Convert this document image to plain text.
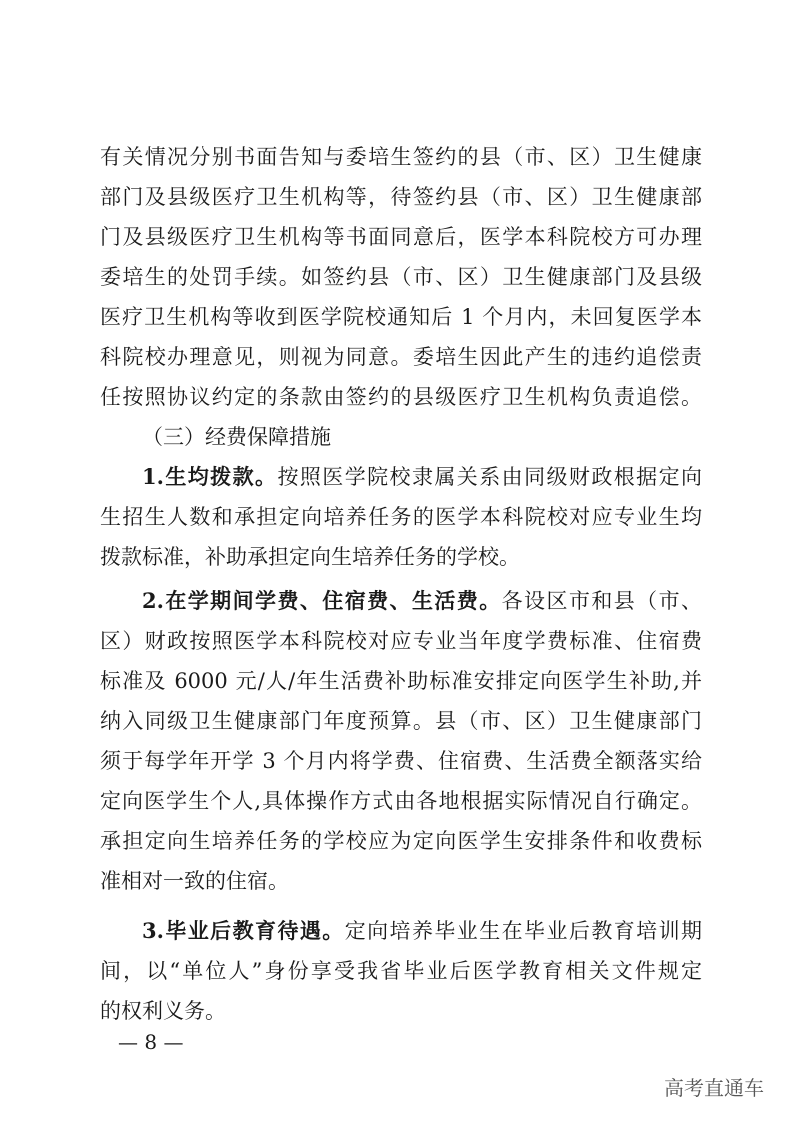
有关情况分别书面告知与委培生签约的县（市、区）卫生健康
部门及县级医疗卫生机构等，待签约县（市、区）卫生健康部
门及县级医疗卫生机构等书面同意后，医学本科院校方可办理
委培生的处罚手续。如签约县（市、区）卫生健康部门及县级
医疗卫生机构等收到医学院校通知后 1 个月内，未回复医学本
科院校办理意见，则视为同意。委培生因此产生的违约追偿责
任按照协议约定的条款由签约的县级医疗卫生机构负责追偿。
（三）经费保障措施
1.生均拨款。按照医学院校隶属关系由同级财政根据定向
生招生人数和承担定向培养任务的医学本科院校对应专业生均
拨款标准，补助承担定向生培养任务的学校。
2.在学期间学费、住宿费、生活费。各设区市和县（市、
区）财政按照医学本科院校对应专业当年度学费标准、住宿费
标准及 6000 元/人/年生活费补助标准安排定向医学生补助,并
纳入同级卫生健康部门年度预算。县（市、区）卫生健康部门
须于每学年开学 3 个月内将学费、住宿费、生活费全额落实给
定向医学生个人,具体操作方式由各地根据实际情况自行确定。
承担定向生培养任务的学校应为定向医学生安排条件和收费标
准相对一致的住宿。
3.毕业后教育待遇。定向培养毕业生在毕业后教育培训期
间，以“单位人”身份享受我省毕业后医学教育相关文件规定
的权利义务。
— 8 —
高考直通车
